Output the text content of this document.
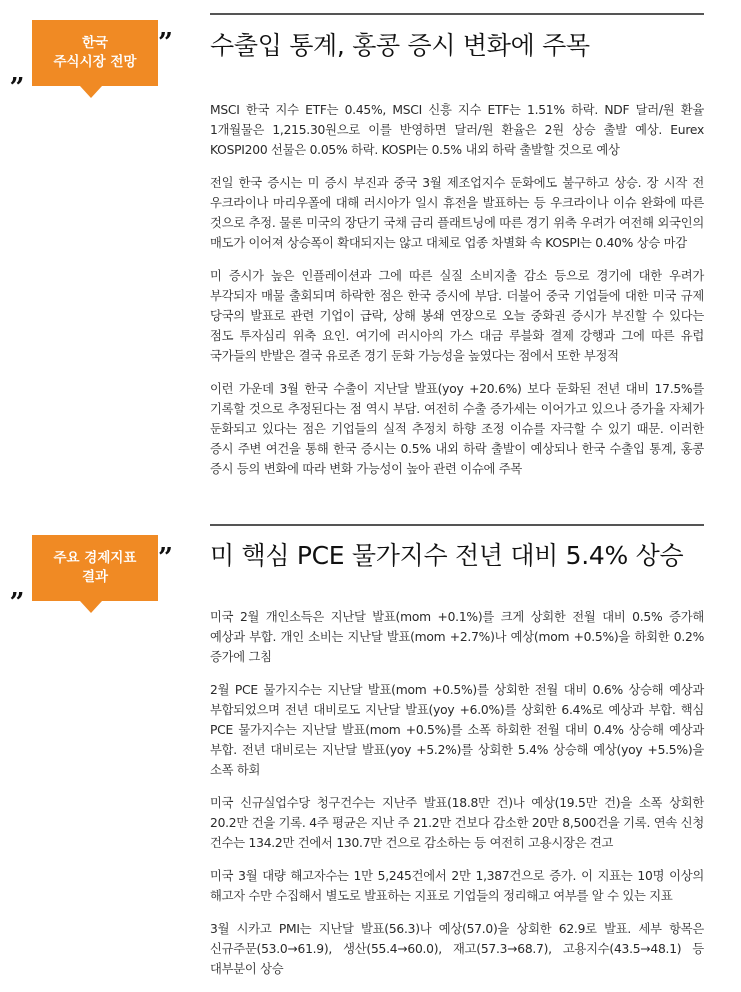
한국
주식시장 전망
„
” 수출입 통계, 홍콩 증시 변화에 주목

MSCI 한국 지수 ETF는 0.45%, MSCI 신흥 지수 ETF는 1.51% 하락. NDF 달러/원 환율 1개월물은 1,215.30원으로 이를 반영하면 달러/원 환율은 2원 상승 출발 예상. Eurex KOSPI200 선물은 0.05% 하락. KOSPI는 0.5% 내외 하락 출발할 것으로 예상

전일 한국 증시는 미 증시 부진과 중국 3월 제조업지수 둔화에도 불구하고 상승. 장 시작 전 우크라이나 마리우폴에 대해 러시아가 일시 휴전을 발표하는 등 우크라이나 이슈 완화에 따른 것으로 추정. 물론 미국의 장단기 국채 금리 플래트닝에 따른 경기 위축 우려가 여전해 외국인의 매도가 이어져 상승폭이 확대되지는 않고 대체로 업종 차별화 속 KOSPI는 0.40% 상승 마감

미 증시가 높은 인플레이션과 그에 따른 실질 소비지출 감소 등으로 경기에 대한 우려가 부각되자 매물 출회되며 하락한 점은 한국 증시에 부담. 더불어 중국 기업들에 대한 미국 규제 당국의 발표로 관련 기업이 급락, 상해 봉쇄 연장으로 오늘 중화권 증시가 부진할 수 있다는 점도 투자심리 위축 요인. 여기에 러시아의 가스 대금 루블화 결제 강행과 그에 따른 유럽 국가들의 반발은 결국 유로존 경기 둔화 가능성을 높였다는 점에서 또한 부정적

이런 가운데 3월 한국 수출이 지난달 발표(yoy +20.6%) 보다 둔화된 전년 대비 17.5%를 기록할 것으로 추정된다는 점 역시 부담. 여전히 수출 증가세는 이어가고 있으나 증가율 자체가 둔화되고 있다는 점은 기업들의 실적 추정치 하향 조정 이슈를 자극할 수 있기 때문. 이러한 증시 주변 여건을 통해 한국 증시는 0.5% 내외 하락 출발이 예상되나 한국 수출입 통계, 홍콩 증시 등의 변화에 따라 변화 가능성이 높아 관련 이슈에 주목

주요 경제지표
결과
„
” 미 핵심 PCE 물가지수 전년 대비 5.4% 상승

미국 2월 개인소득은 지난달 발표(mom +0.1%)를 크게 상회한 전월 대비 0.5% 증가해 예상과 부합. 개인 소비는 지난달 발표(mom +2.7%)나 예상(mom +0.5%)을 하회한 0.2% 증가에 그침

2월 PCE 물가지수는 지난달 발표(mom +0.5%)를 상회한 전월 대비 0.6% 상승해 예상과 부합되었으며 전년 대비로도 지난달 발표(yoy +6.0%)를 상회한 6.4%로 예상과 부합. 핵심 PCE 물가지수는 지난달 발표(mom +0.5%)를 소폭 하회한 전월 대비 0.4% 상승해 예상과 부합. 전년 대비로는 지난달 발표(yoy +5.2%)를 상회한 5.4% 상승해 예상(yoy +5.5%)을 소폭 하회

미국 신규실업수당 청구건수는 지난주 발표(18.8만 건)나 예상(19.5만 건)을 소폭 상회한 20.2만 건을 기록. 4주 평균은 지난 주 21.2만 건보다 감소한 20만 8,500건을 기록. 연속 신청 건수는 134.2만 건에서 130.7만 건으로 감소하는 등 여전히 고용시장은 견고

미국 3월 대량 해고자수는 1만 5,245건에서 2만 1,387건으로 증가. 이 지표는 10명 이상의 해고자 수만 수집해서 별도로 발표하는 지표로 기업들의 정리해고 여부를 알 수 있는 지표

3월 시카고 PMI는 지난달 발표(56.3)나 예상(57.0)을 상회한 62.9로 발표. 세부 항목은 신규주문(53.0→61.9), 생산(55.4→60.0), 재고(57.3→68.7), 고용지수(43.5→48.1) 등 대부분이 상승
